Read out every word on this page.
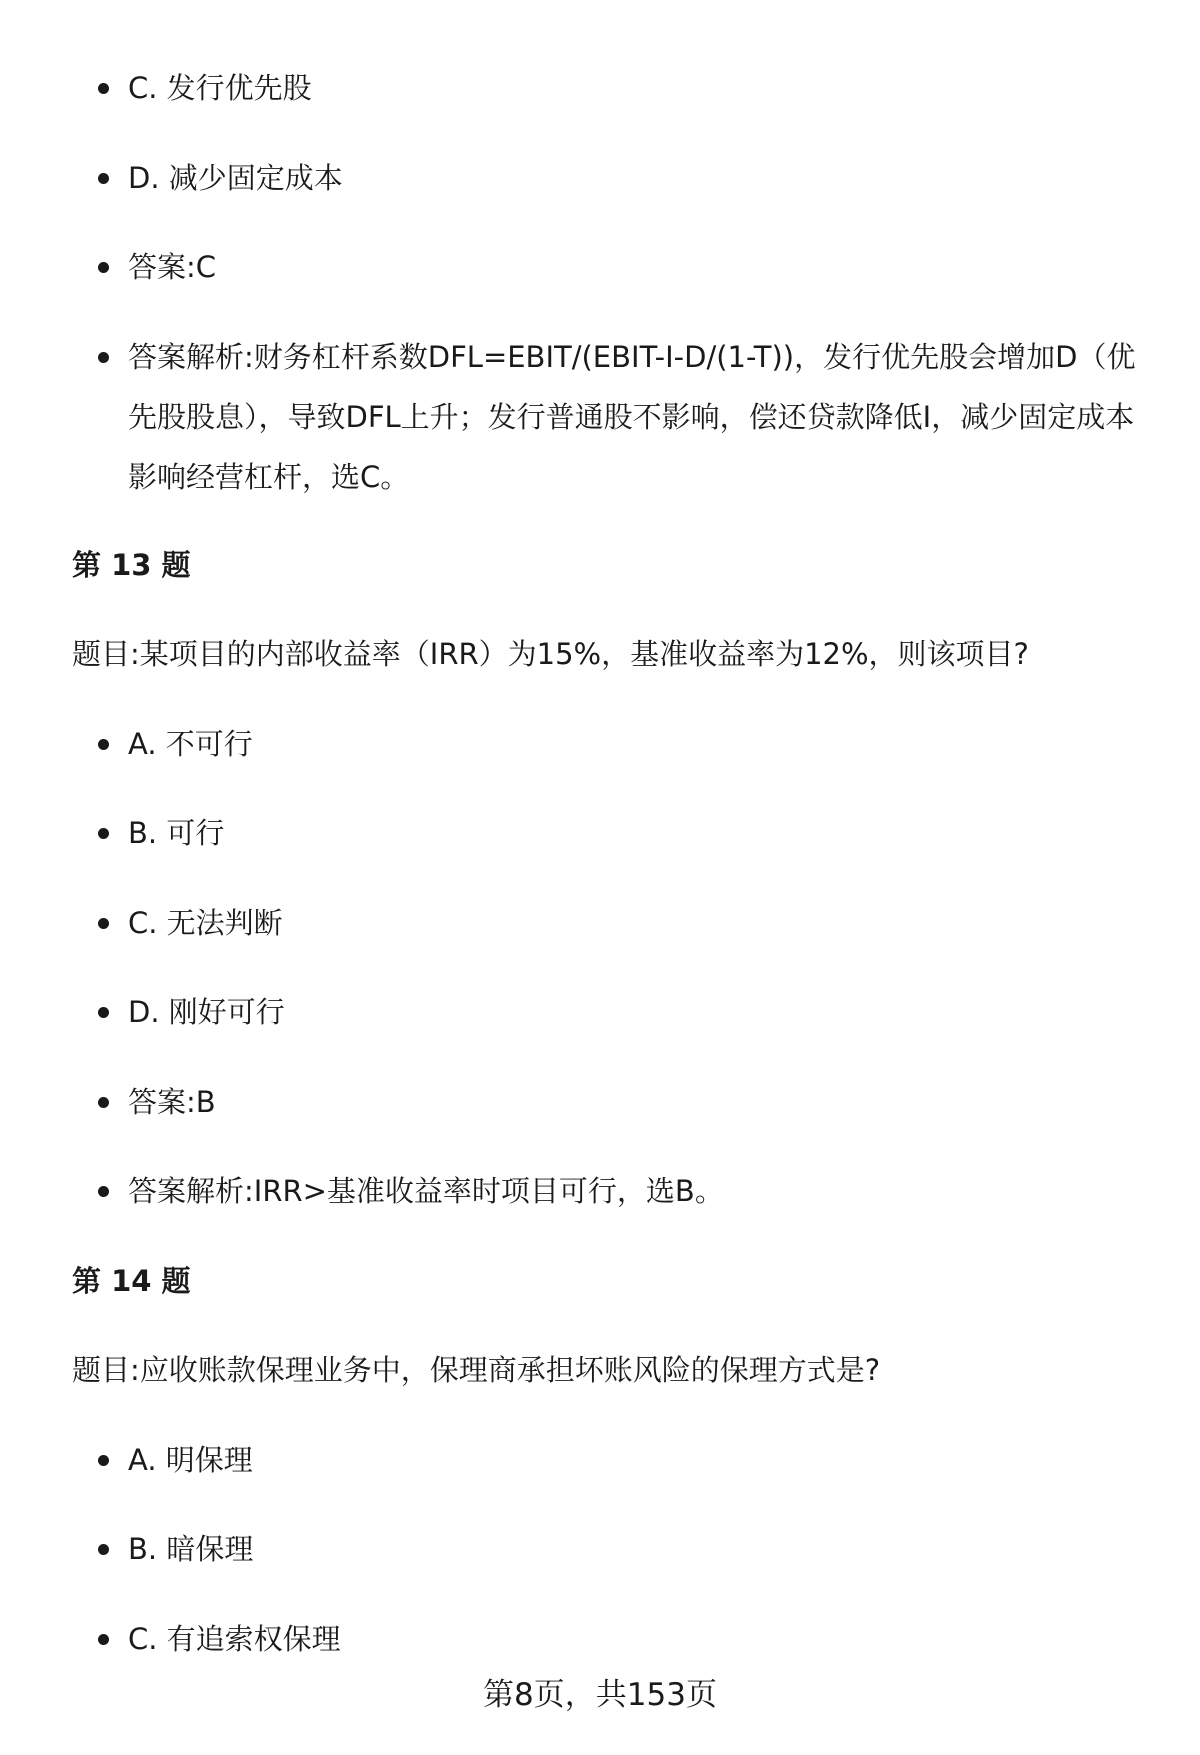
C. 发行优先股
D. 减少固定成本
答案:C
答案解析:财务杠杆系数DFL=EBIT/(EBIT-I-D/(1-T))，发行优先股会增加D（优先股股息），导致DFL上升；发行普通股不影响，偿还贷款降低I，减少固定成本影响经营杠杆，选C。
第 13 题
题目:某项目的内部收益率（IRR）为15%，基准收益率为12%，则该项目?
A. 不可行
B. 可行
C. 无法判断
D. 刚好可行
答案:B
答案解析:IRR>基准收益率时项目可行，选B。
第 14 题
题目:应收账款保理业务中，保理商承担坏账风险的保理方式是?
A. 明保理
B. 暗保理
C. 有追索权保理
第8页，共153页
